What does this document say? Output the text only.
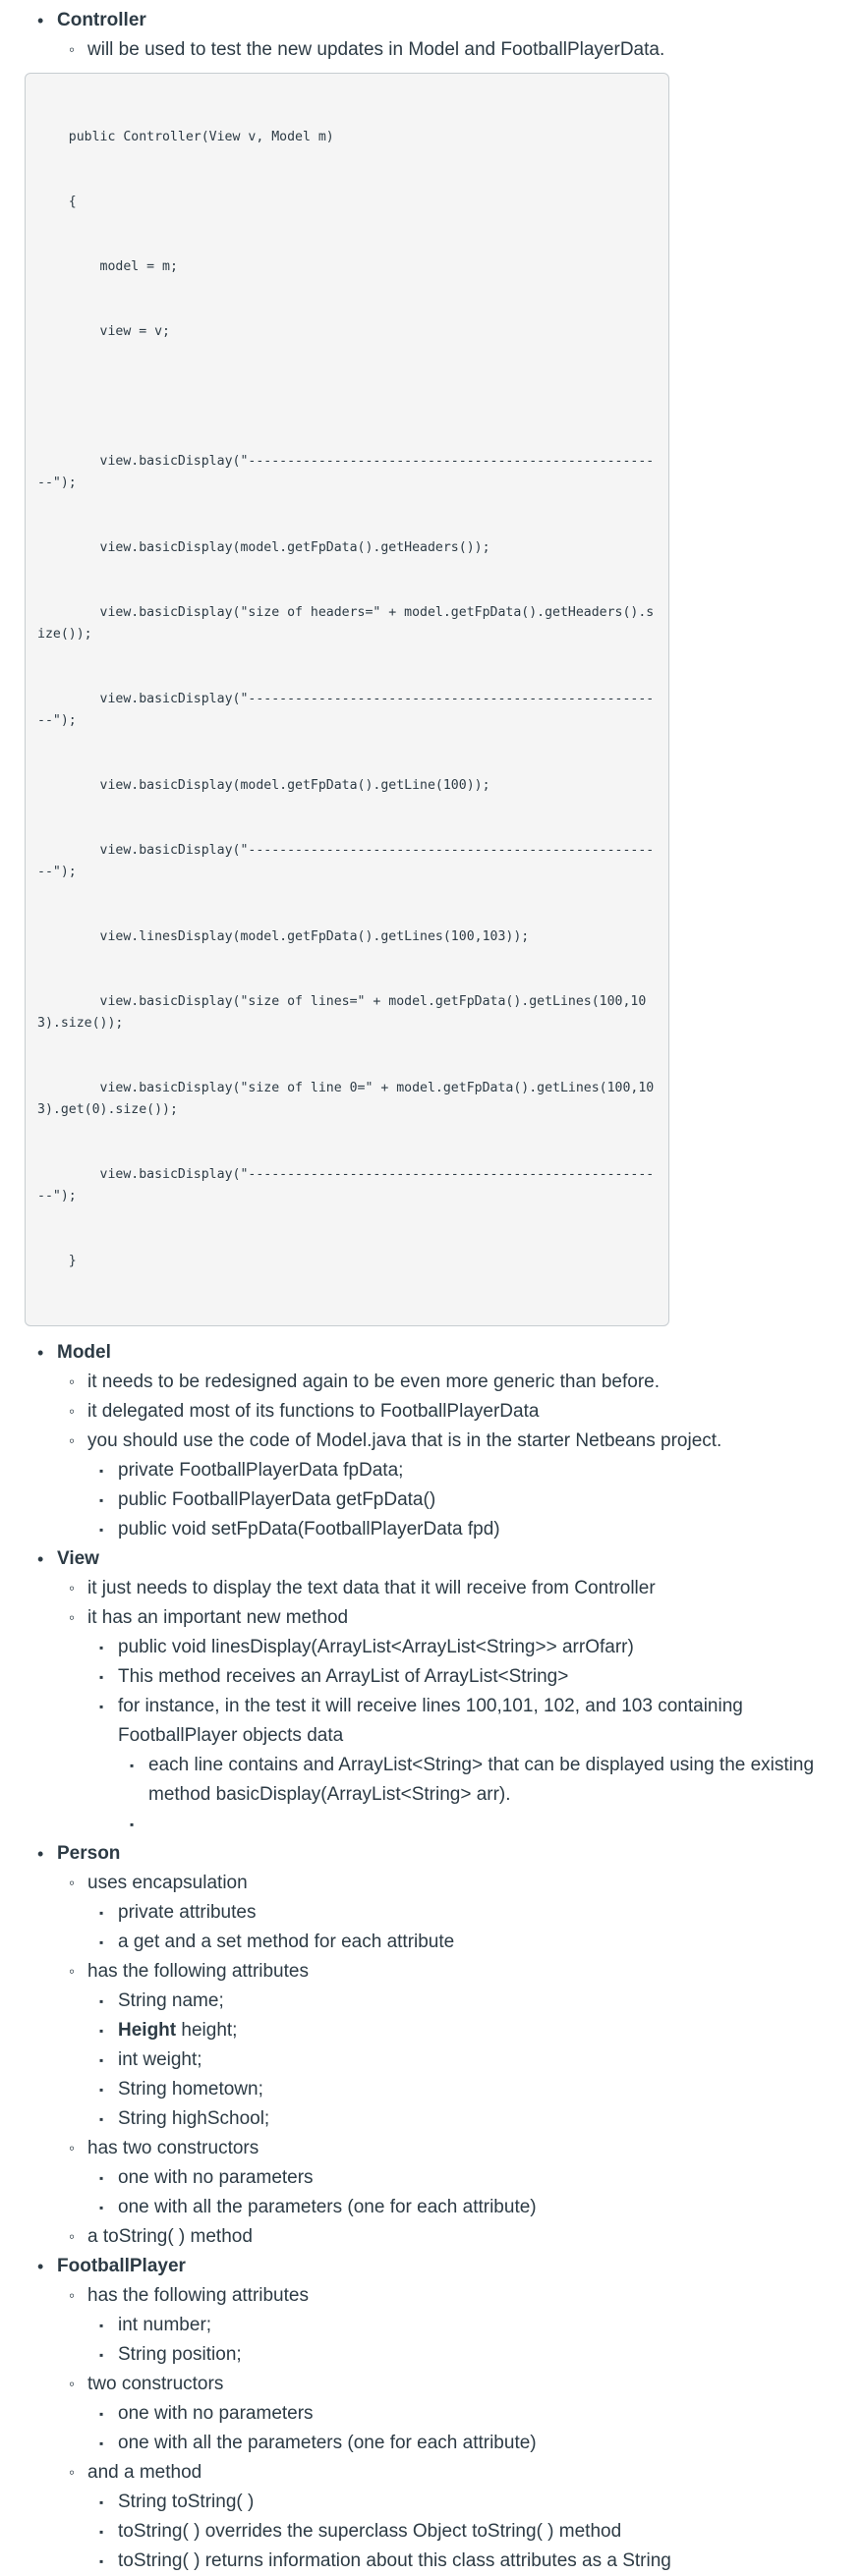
• Controller
◦ will be used to test the new updates in Model and FootballPlayerData.

public Controller(View v, Model m)

{

model = m;

view = v;

view.basicDisplay("------------------------------------------------------");

view.basicDisplay(model.getFpData().getHeaders());

view.basicDisplay("size of headers=" + model.getFpData().getHeaders().size());

view.basicDisplay("------------------------------------------------------");

view.basicDisplay(model.getFpData().getLine(100));

view.basicDisplay("------------------------------------------------------");

view.linesDisplay(model.getFpData().getLines(100,103));

view.basicDisplay("size of lines=" + model.getFpData().getLines(100,103).size());

view.basicDisplay("size of line 0=" + model.getFpData().getLines(100,103).get(0).size());

view.basicDisplay("------------------------------------------------------");

}

• Model
◦ it needs to be redesigned again to be even more generic than before.
◦ it delegated most of its functions to FootballPlayerData
◦ you should use the code of Model.java that is in the starter Netbeans project.
▪ private FootballPlayerData fpData;
▪ public FootballPlayerData getFpData()
▪ public void setFpData(FootballPlayerData fpd)
• View
◦ it just needs to display the text data that it will receive from Controller
◦ it has an important new method
▪ public void linesDisplay(ArrayList<ArrayList<String>> arrOfarr)
▪ This method receives an ArrayList of ArrayList<String>
▪ for instance, in the test it will receive lines 100,101, 102, and 103 containing FootballPlayer objects data
▪ each line contains and ArrayList<String> that can be displayed using the existing method basicDisplay(ArrayList<String> arr).
▪
• Person
◦ uses encapsulation
▪ private attributes
▪ a get and a set method for each attribute
◦ has the following attributes
▪ String name;
▪ Height height;
▪ int weight;
▪ String hometown;
▪ String highSchool;
◦ has two constructors
▪ one with no parameters
▪ one with all the parameters (one for each attribute)
◦ a toString( ) method
• FootballPlayer
◦ has the following attributes
▪ int number;
▪ String position;
◦ two constructors
▪ one with no parameters
▪ one with all the parameters (one for each attribute)
◦ and a method
▪ String toString( )
▪ toString( ) overrides the superclass Object toString( ) method
▪ toString( ) returns information about this class attributes as a String
